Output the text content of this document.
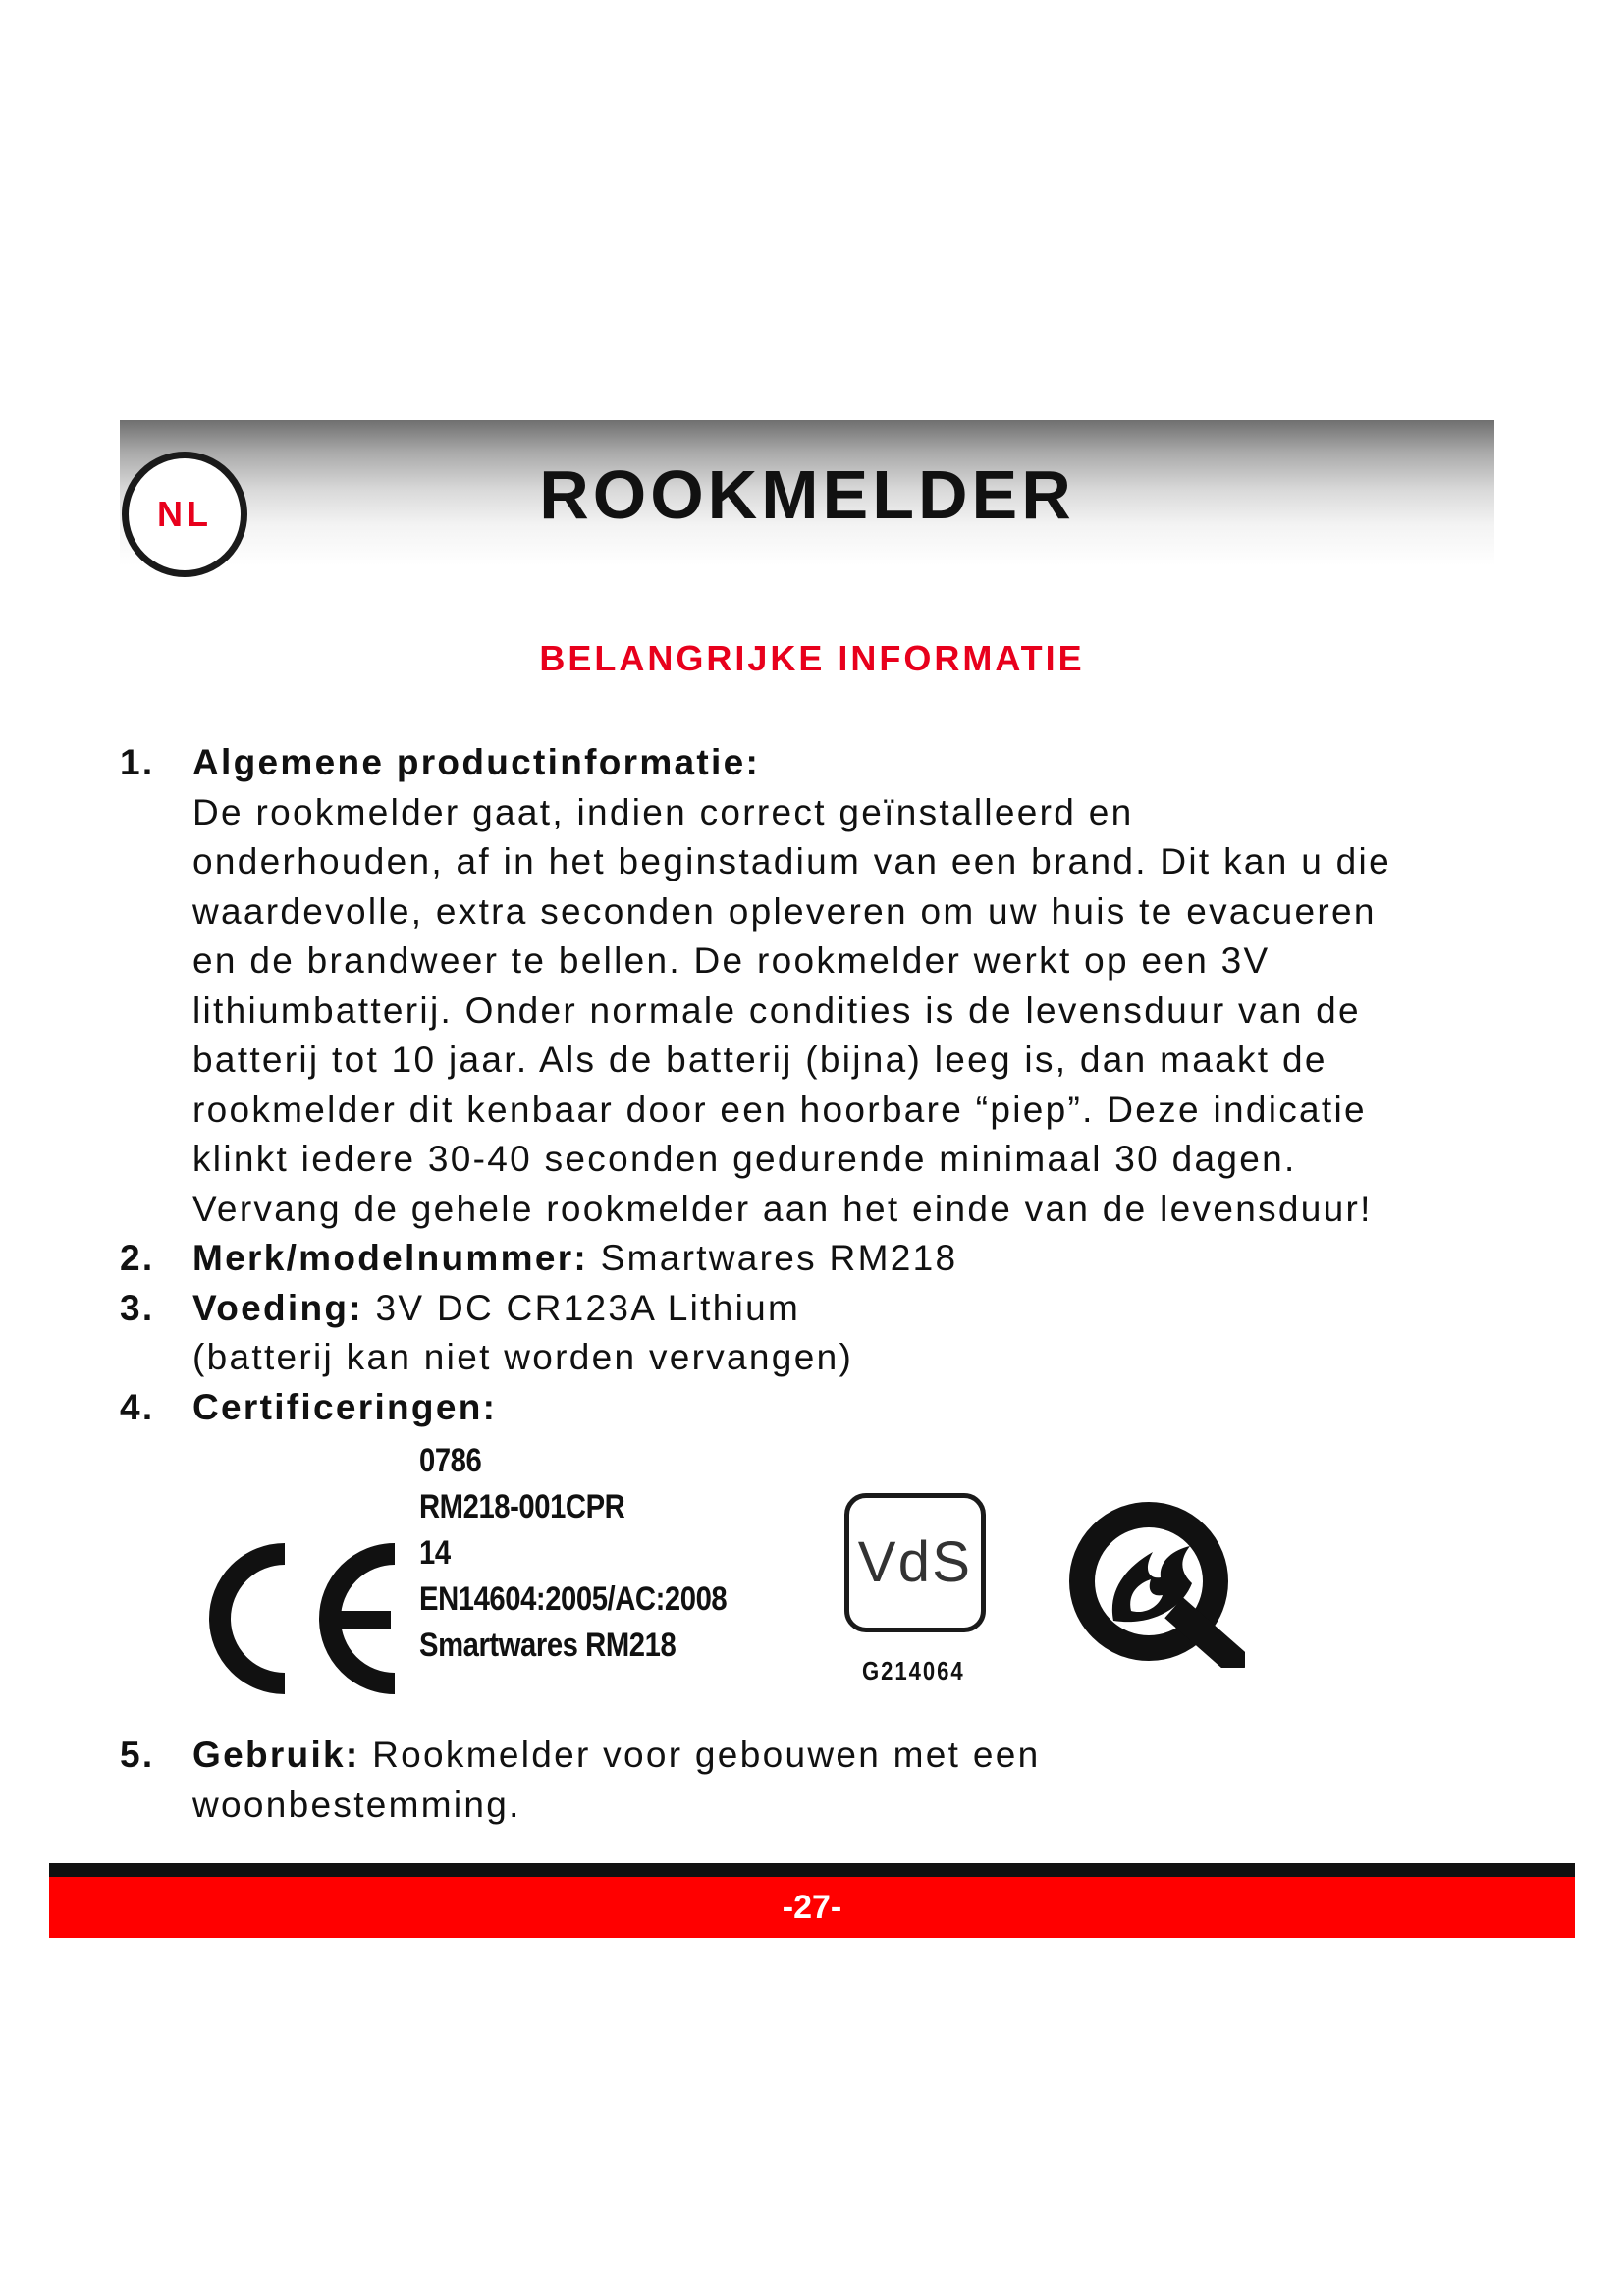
NL	ROOKMELDER
BELANGRIJKE INFORMATIE
1. Algemene productinformatie:
De rookmelder gaat, indien correct geïnstalleerd en
onderhouden, af in het beginstadium van een brand. Dit kan u die
waardevolle, extra seconden opleveren om uw huis te evacueren
en de brandweer te bellen. De rookmelder werkt op een 3V
lithiumbatterij. Onder normale condities is de levensduur van de
batterij tot 10 jaar. Als de batterij (bijna) leeg is, dan maakt de
rookmelder dit kenbaar door een hoorbare “piep”. Deze indicatie
klinkt iedere 30-40 seconden gedurende minimaal 30 dagen.
Vervang de gehele rookmelder aan het einde van de levensduur!
2. Merk/modelnummer: Smartwares RM218
3. Voeding: 3V DC CR123A Lithium
(batterij kan niet worden vervangen)
4. Certificeringen:
0786
RM218-001CPR
14
EN14604:2005/AC:2008
Smartwares RM218
VdS
G214064
5. Gebruik: Rookmelder voor gebouwen met een
woonbestemming.
-27-
